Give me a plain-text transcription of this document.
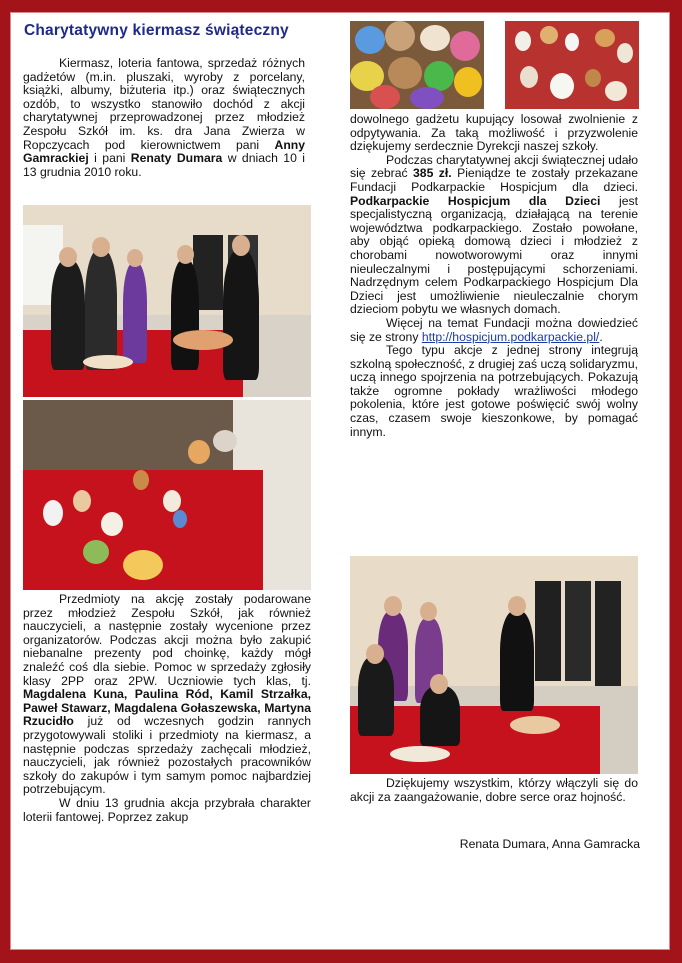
Charytatywny kiermasz świąteczny

Kiermasz, loteria fantowa, sprzedaż różnych gadżetów (m.in. pluszaki, wyroby z porcelany, książki, albumy, biżuteria itp.) oraz świątecznych ozdób, to wszystko stanowiło dochód z akcji charytatywnej przeprowadzonej przez młodzież Zespołu Szkół im. ks. dra Jana Zwierza w Ropczycach pod kierownictwem pani Anny Gamrackiej i pani Renaty Dumara w dniach 10 i 13 grudnia 2010 roku.

Przedmioty na akcję zostały podarowane przez młodzież Zespołu Szkół, jak również nauczycieli, a następnie zostały wycenione przez organizatorów. Podczas akcji można było zakupić niebanalne prezenty pod choinkę, każdy mógł znaleźć coś dla siebie. Pomoc w sprzedaży zgłosiły klasy 2PP oraz 2PW. Uczniowie tych klas, tj. Magdalena Kuna, Paulina Ród, Kamil Strzałka, Paweł Stawarz, Magdalena Gołaszewska, Martyna Rzucidło już od wczesnych godzin rannych przygotowywali stoliki i przedmioty na kiermasz, a następnie podczas sprzedaży zachęcali młodzież, nauczycieli, jak również pozostałych pracowników szkoły do zakupów i tym samym pomoc najbardziej potrzebującym.

W dniu 13 grudnia akcja przybrała charakter loterii fantowej. Poprzez zakup

dowolnego gadżetu kupujący losował zwolnienie z odpytywania. Za taką możliwość i przyzwolenie dziękujemy serdecznie Dyrekcji naszej szkoły.

Podczas charytatywnej akcji świątecznej udało się zebrać 385 zł. Pieniądze te zostały przekazane Fundacji Podkarpackie Hospicjum dla dzieci. Podkarpackie Hospicjum dla Dzieci jest specjalistyczną organizacją, działającą na terenie województwa podkarpackiego. Zostało powołane, aby objąć opieką domową dzieci i młodzież z chorobami nowotworowymi oraz innymi nieuleczalnymi i postępującymi schorzeniami. Nadrzędnym celem Podkarpackiego Hospicjum Dla Dzieci jest umożliwienie nieuleczalnie chorym dzieciom pobytu we własnych domach.

Więcej na temat Fundacji można dowiedzieć się ze strony http://hospicjum.podkarpackie.pl/.

Tego typu akcje z jednej strony integrują szkolną społeczność, z drugiej zaś uczą solidaryzmu, uczą innego spojrzenia na potrzebujących. Pokazują także ogromne pokłady wrażliwości młodego pokolenia, które jest gotowe poświęcić swój wolny czas, czasem swoje kieszonkowe, by pomagać innym.

Dziękujemy wszystkim, którzy włączyli się do akcji za zaangażowanie, dobre serce oraz hojność.

Renata Dumara, Anna Gamracka
